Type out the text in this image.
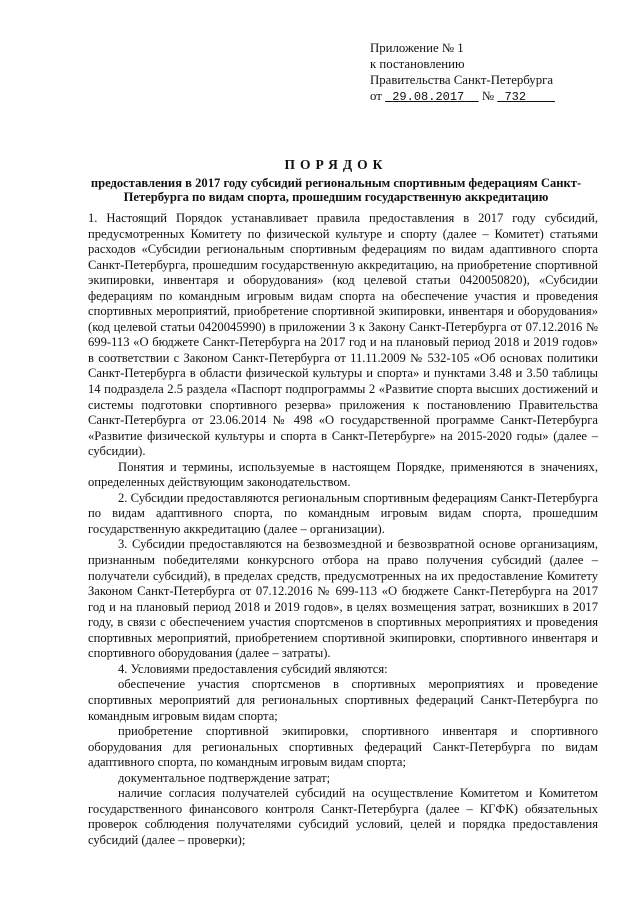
Приложение № 1
к постановлению
Правительства Санкт-Петербурга
от 29.08.2017 № 732
ПОРЯДОК
предоставления в 2017 году субсидий региональным спортивным федерациям Санкт-Петербурга по видам спорта, прошедшим государственную аккредитацию

1. Настоящий Порядок устанавливает правила предоставления в 2017 году субсидий, предусмотренных Комитету по физической культуре и спорту (далее – Комитет) статьями расходов «Субсидии региональным спортивным федерациям по видам адаптивного спорта Санкт-Петербурга, прошедшим государственную аккредитацию, на приобретение спортивной экипировки, инвентаря и оборудования» (код целевой статьи 0420050820), «Субсидии федерациям по командным игровым видам спорта на обеспечение участия и проведения спортивных мероприятий, приобретение спортивной экипировки, инвентаря и оборудования» (код целевой статьи 0420045990) в приложении 3 к Закону Санкт-Петербурга от 07.12.2016 № 699-113 «О бюджете Санкт-Петербурга на 2017 год и на плановый период 2018 и 2019 годов» в соответствии с Законом Санкт-Петербурга от 11.11.2009 № 532-105 «Об основах политики Санкт-Петербурга в области физической культуры и спорта» и пунктами 3.48 и 3.50 таблицы 14 подраздела 2.5 раздела «Паспорт подпрограммы 2 «Развитие спорта высших достижений и системы подготовки спортивного резерва» приложения к постановлению Правительства Санкт-Петербурга от 23.06.2014 № 498 «О государственной программе Санкт-Петербурга «Развитие физической культуры и спорта в Санкт-Петербурге» на 2015-2020 годы» (далее – субсидии).

Понятия и термины, используемые в настоящем Порядке, применяются в значениях, определенных действующим законодательством.

2. Субсидии предоставляются региональным спортивным федерациям Санкт-Петербурга по видам адаптивного спорта, по командным игровым видам спорта, прошедшим государственную аккредитацию (далее – организации).

3. Субсидии предоставляются на безвозмездной и безвозвратной основе организациям, признанным победителями конкурсного отбора на право получения субсидий (далее – получатели субсидий), в пределах средств, предусмотренных на их предоставление Комитету Законом Санкт-Петербурга от 07.12.2016 № 699-113 «О бюджете Санкт-Петербурга на 2017 год и на плановый период 2018 и 2019 годов», в целях возмещения затрат, возникших в 2017 году, в связи с обеспечением участия спортсменов в спортивных мероприятиях и проведения спортивных мероприятий, приобретением спортивной экипировки, спортивного инвентаря и спортивного оборудования (далее – затраты).

4. Условиями предоставления субсидий являются:

обеспечение участия спортсменов в спортивных мероприятиях и проведение спортивных мероприятий для региональных спортивных федераций Санкт-Петербурга по командным игровым видам спорта;

приобретение спортивной экипировки, спортивного инвентаря и спортивного оборудования для региональных спортивных федераций Санкт-Петербурга по видам адаптивного спорта, по командным игровым видам спорта;

документальное подтверждение затрат;

наличие согласия получателей субсидий на осуществление Комитетом и Комитетом государственного финансового контроля Санкт-Петербурга (далее – КГФК) обязательных проверок соблюдения получателями субсидий условий, целей и порядка предоставления субсидий (далее – проверки);
